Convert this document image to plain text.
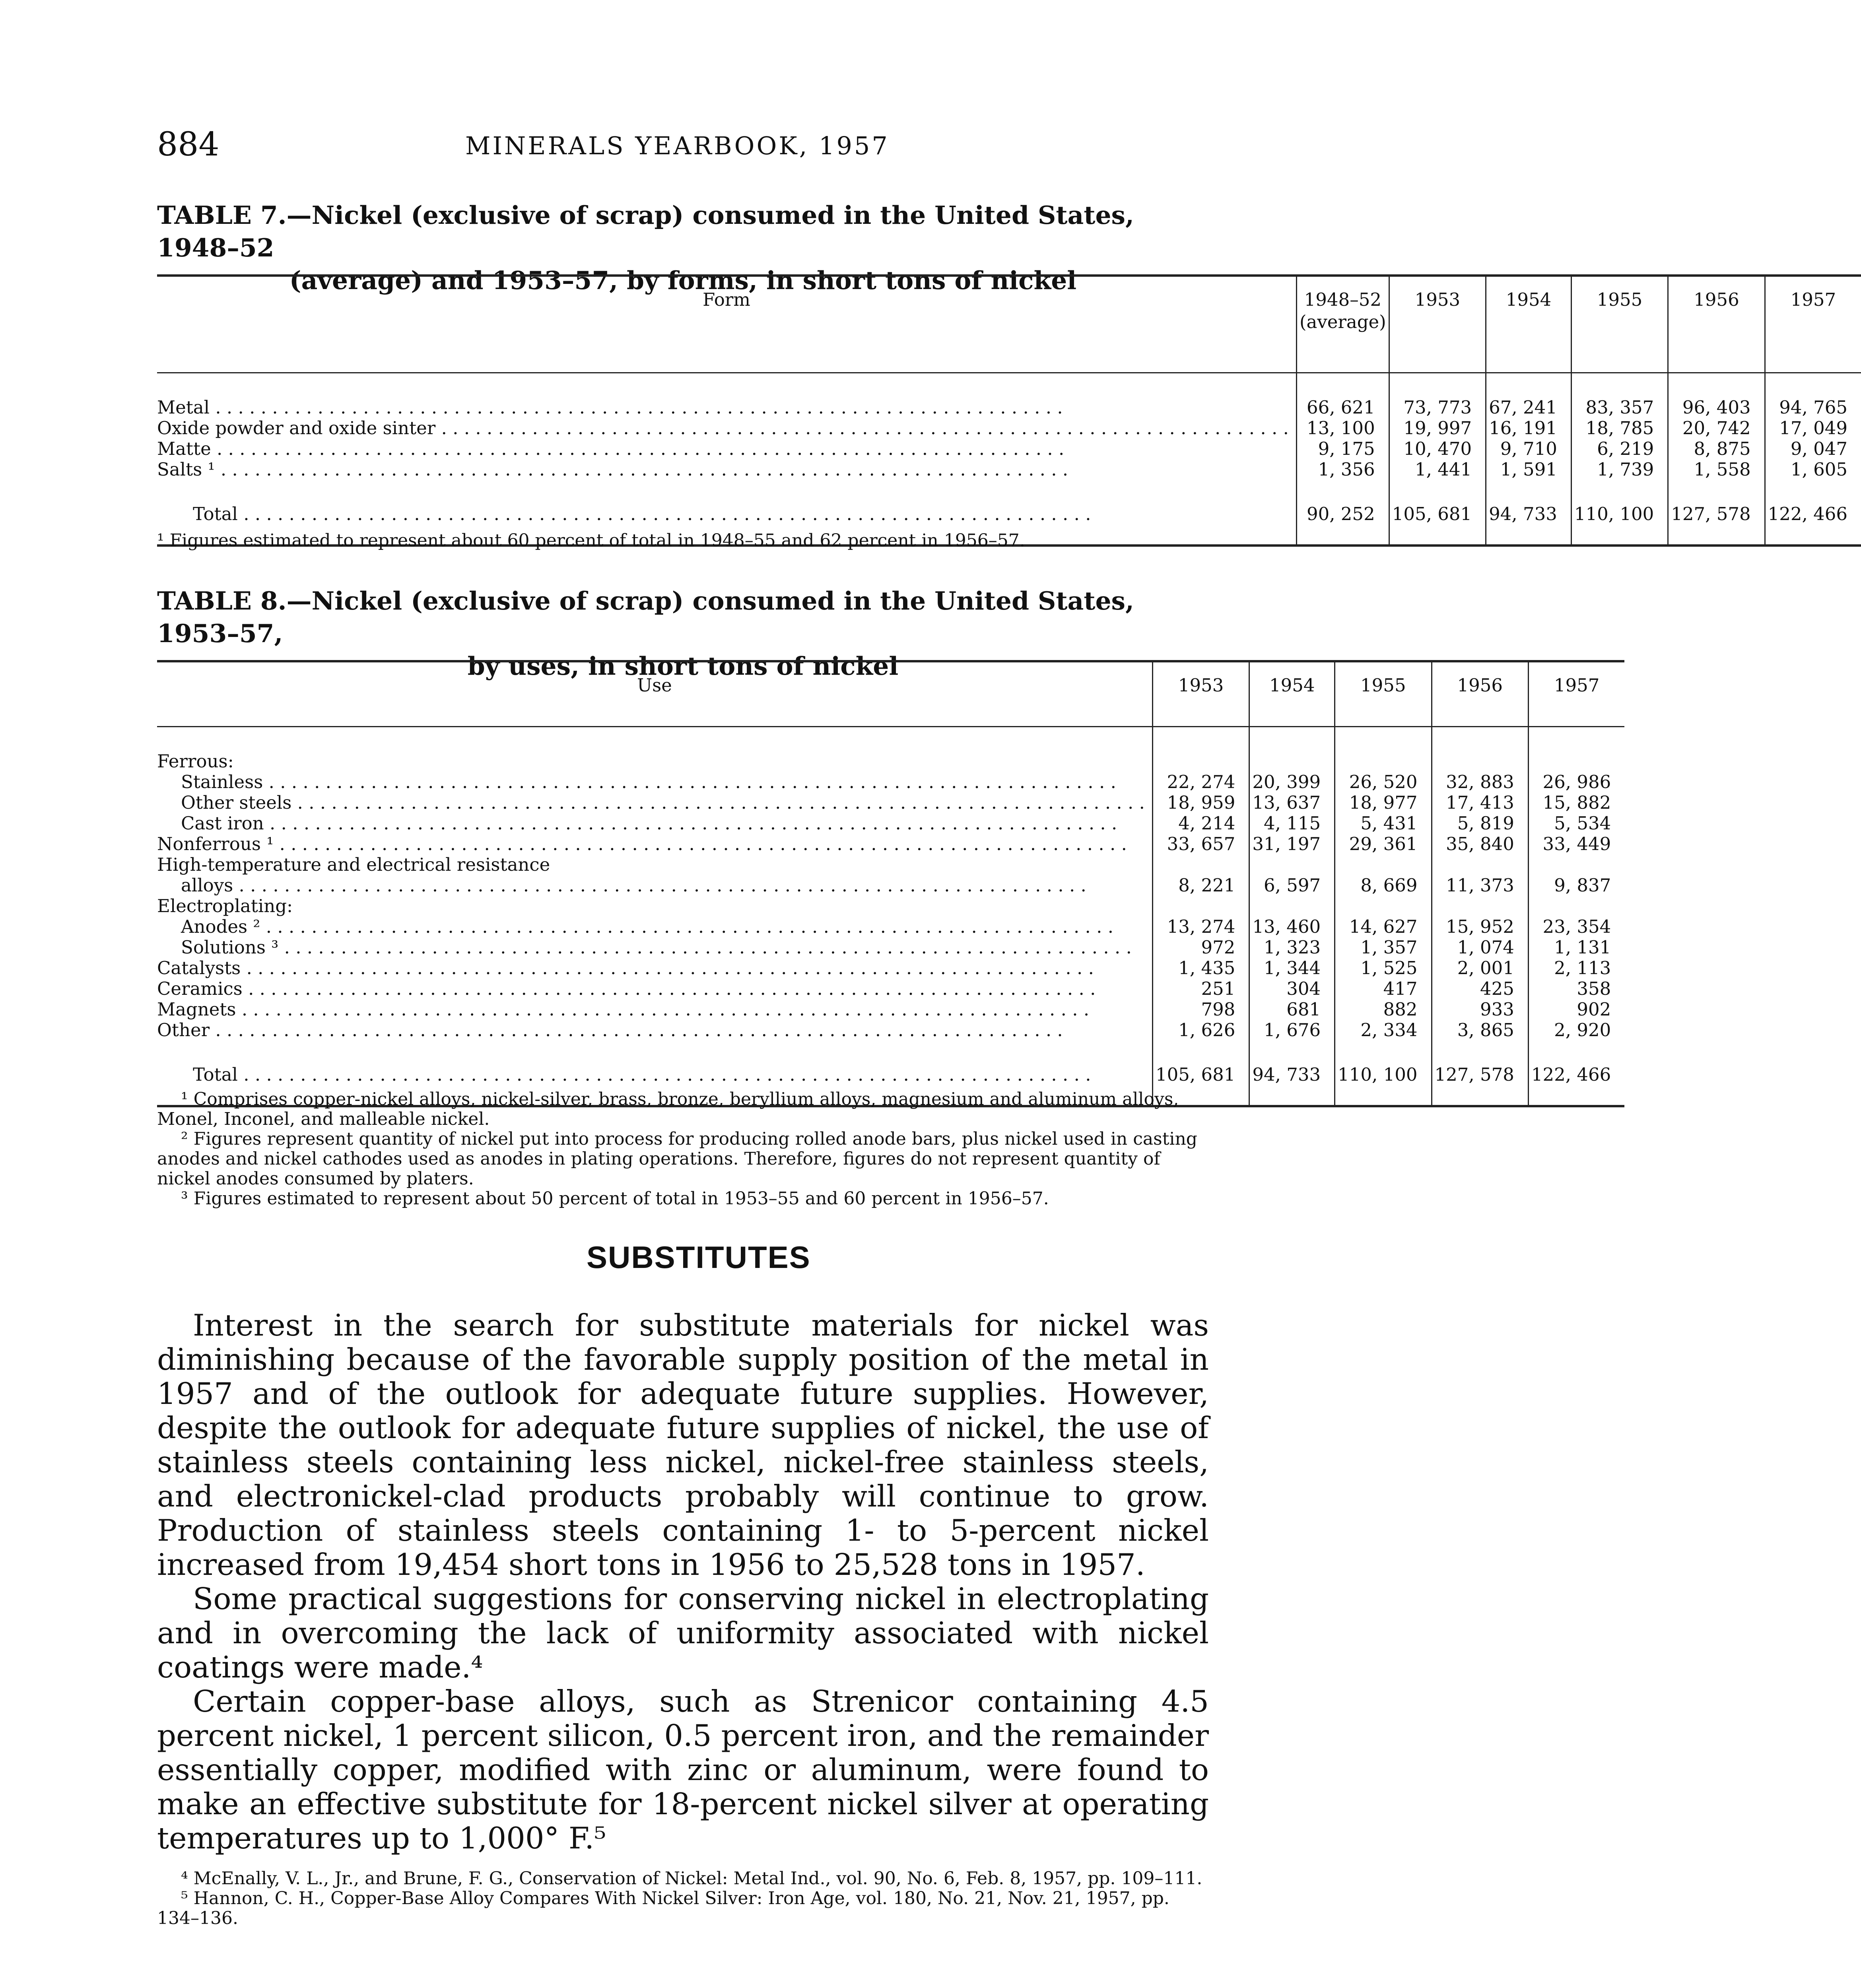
884	MINERALS YEARBOOK, 1957
TABLE 7.—Nickel (exclusive of scrap) consumed in the United States, 1948–52
(average) and 1953–57, by forms, in short tons of nickel
Form	1948–52 (average)	1953	1954	1955	1956	1957

Metal . . .	66, 621	73, 773	67, 241	83, 357	96, 403	94, 765

Oxide powder and oxide sinter . . .	13, 100	19, 997	16, 191	18, 785	20, 742	17, 049

Matte . . .	9, 175	10, 470	9, 710	6, 219	8, 875	9, 047

Salts ¹ . . .	1, 356	1, 441	1, 591	1, 739	1, 558	1, 605

Total . . .	90, 252	105, 681	94, 733	110, 100	127, 578	122, 466
¹ Figures estimated to represent about 60 percent of total in 1948–55 and 62 percent in 1956–57.
TABLE 8.—Nickel (exclusive of scrap) consumed in the United States, 1953–57,
by uses, in short tons of nickel
Use	1953	1954	1955	1956	1957

Ferrous:					

Stainless . . .	22, 274	20, 399	26, 520	32, 883	26, 986

Other steels . . .	18, 959	13, 637	18, 977	17, 413	15, 882

Cast iron . . .	4, 214	4, 115	5, 431	5, 819	5, 534

Nonferrous ¹ . . .	33, 657	31, 197	29, 361	35, 840	33, 449
High-temperature and electrical resistance					

alloys . . .	8, 221	6, 597	8, 669	11, 373	9, 837
Electroplating:					

Anodes ² . . .	13, 274	13, 460	14, 627	15, 952	23, 354

Solutions ³ . . .	972	1, 323	1, 357	1, 074	1, 131

Catalysts . . .	1, 435	1, 344	1, 525	2, 001	2, 113

Ceramics . . .	251	304	417	425	358

Magnets . . .	798	681	882	933	902

Other . . .	1, 626	1, 676	2, 334	3, 865	2, 920

Total . . .	105, 681	94, 733	110, 100	127, 578	122, 466
¹ Comprises copper-nickel alloys, nickel-silver, brass, bronze, beryllium alloys, magnesium and aluminum alloys, Monel, Inconel, and malleable nickel.
² Figures represent quantity of nickel put into process for producing rolled anode bars, plus nickel used in casting anodes and nickel cathodes used as anodes in plating operations. Therefore, figures do not represent quantity of nickel anodes consumed by platers.
³ Figures estimated to represent about 50 percent of total in 1953–55 and 60 percent in 1956–57.
SUBSTITUTES

Interest in the search for substitute materials for nickel was diminishing because of the favorable supply position of the metal in 1957 and of the outlook for adequate future supplies. However, despite the outlook for adequate future supplies of nickel, the use of stainless steels containing less nickel, nickel-free stainless steels, and electronickel-clad products probably will continue to grow. Production of stainless steels containing 1- to 5-percent nickel increased from 19,454 short tons in 1956 to 25,528 tons in 1957.

Some practical suggestions for conserving nickel in electroplating and in overcoming the lack of uniformity associated with nickel coatings were made.⁴

Certain copper-base alloys, such as Strenicor containing 4.5 percent nickel, 1 percent silicon, 0.5 percent iron, and the remainder essentially copper, modified with zinc or aluminum, were found to make an effective substitute for 18-percent nickel silver at operating temperatures up to 1,000° F.⁵

⁴ McEnally, V. L., Jr., and Brune, F. G., Conservation of Nickel: Metal Ind., vol. 90, No. 6, Feb. 8, 1957, pp. 109–111.

⁵ Hannon, C. H., Copper-Base Alloy Compares With Nickel Silver: Iron Age, vol. 180, No. 21, Nov. 21, 1957, pp. 134–136.
